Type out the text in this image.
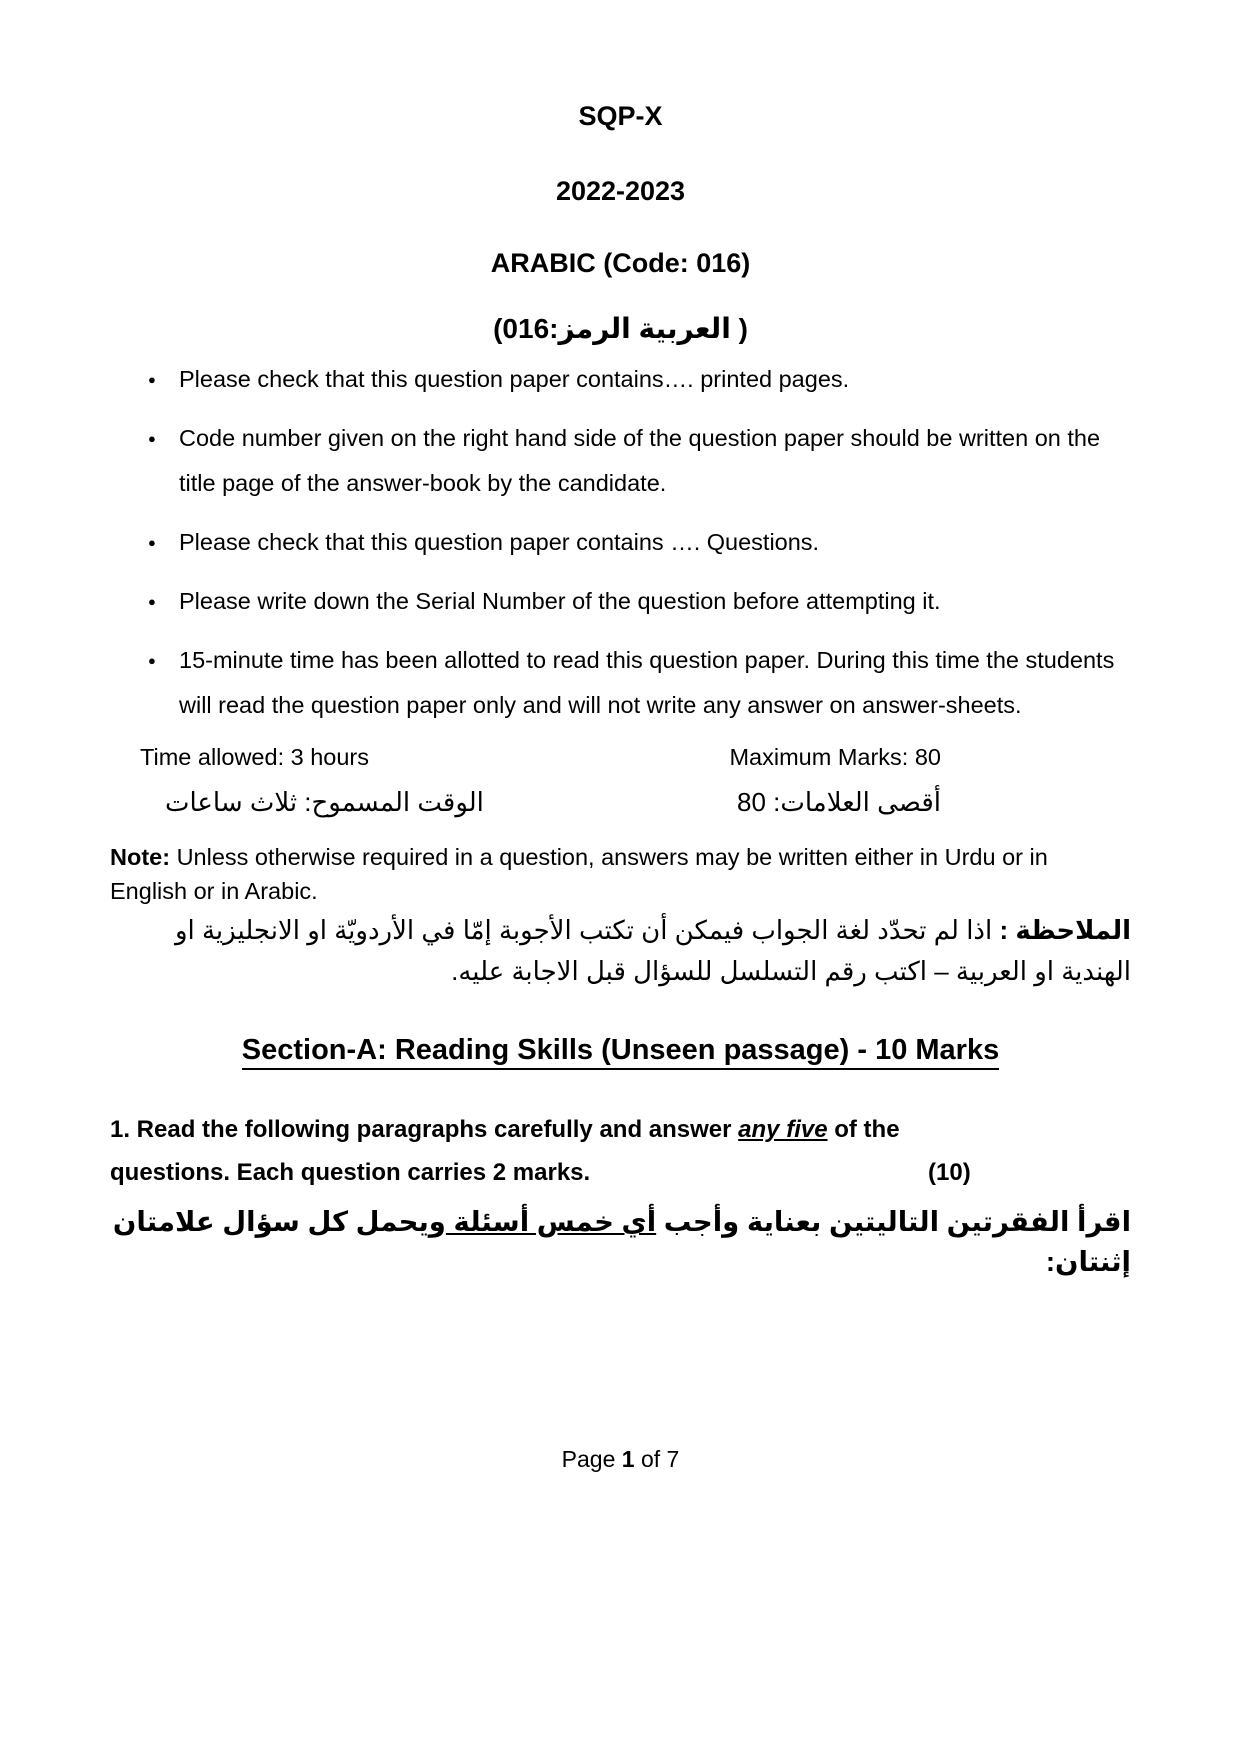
SQP-X
2022-2023
ARABIC (Code: 016)
( العربية الرمز:016)
● Please check that this question paper contains…. printed pages.
● Code number given on the right hand side of the question paper should be written on the title page of the answer-book by the candidate.
● Please check that this question paper contains …. Questions.
● Please write down the Serial Number of the question before attempting it.
● 15-minute time has been allotted to read this question paper. During this time the students will read the question paper only and will not write any answer on answer-sheets.
Time allowed: 3 hours	Maximum Marks: 80
الوقت المسموح: ثلاث ساعات	أقصى العلامات: 80

Note: Unless otherwise required in a question, answers may be written either in Urdu or in English or in Arabic.

الملاحظة : اذا لم تحدّد لغة الجواب فيمكن أن تكتب الأجوبة إمّا في الأردويّة او الانجليزية او الهندية او العربية – اكتب رقم التسلسل للسؤال قبل الاجابة عليه.

Section-A: Reading Skills (Unseen passage) - 10 Marks

1. Read the following paragraphs carefully and answer any five of the questions. Each question carries 2 marks.	(10)

اقرأ الفقرتين التاليتين بعناية وأجب أي خمس أسئلة ويحمل كل سؤال علامتان إثنتان:

Page 1 of 7
